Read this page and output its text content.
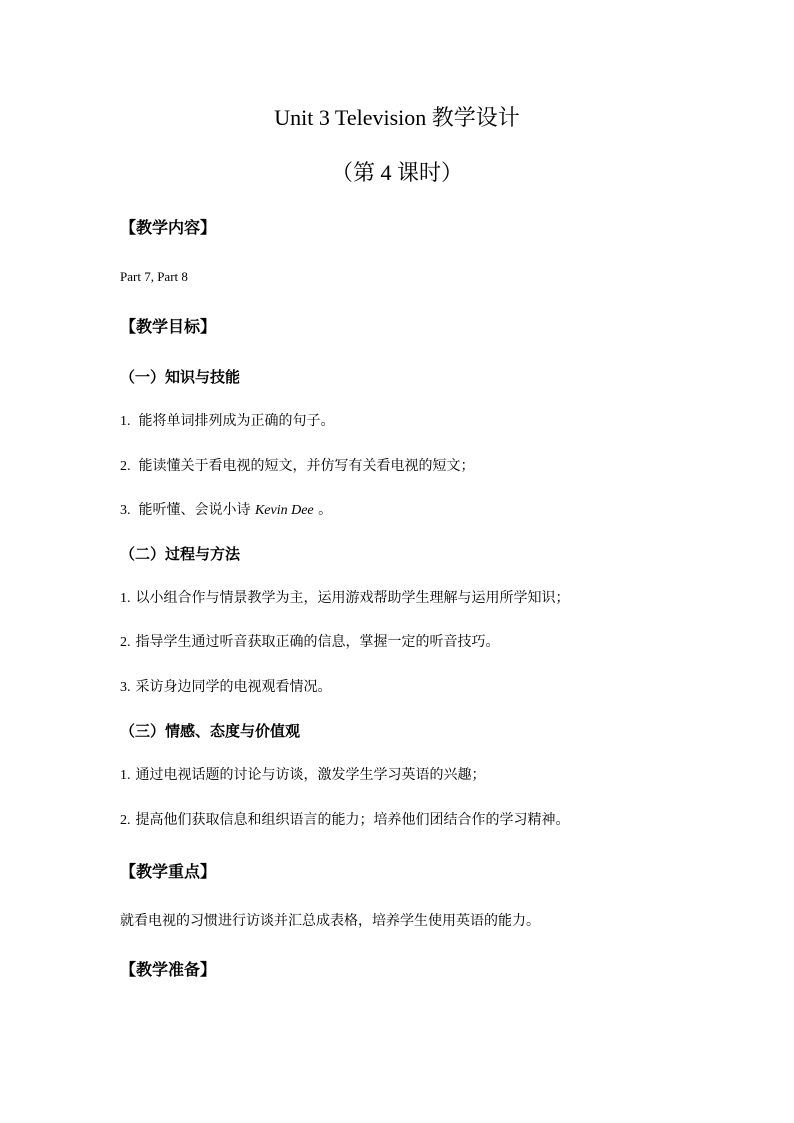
Unit 3 Television 教学设计
（第 4 课时）
【教学内容】
Part 7, Part 8
【教学目标】
（一）知识与技能
1. 能将单词排列成为正确的句子。
2. 能读懂关于看电视的短文，并仿写有关看电视的短文；
3. 能听懂、会说小诗 Kevin Dee 。
（二）过程与方法
1. 以小组合作与情景教学为主，运用游戏帮助学生理解与运用所学知识；
2. 指导学生通过听音获取正确的信息，掌握一定的听音技巧。
3. 采访身边同学的电视观看情况。
（三）情感、态度与价值观
1. 通过电视话题的讨论与访谈，激发学生学习英语的兴趣；
2. 提高他们获取信息和组织语言的能力；培养他们团结合作的学习精神。
【教学重点】
就看电视的习惯进行访谈并汇总成表格，培养学生使用英语的能力。
【教学准备】
